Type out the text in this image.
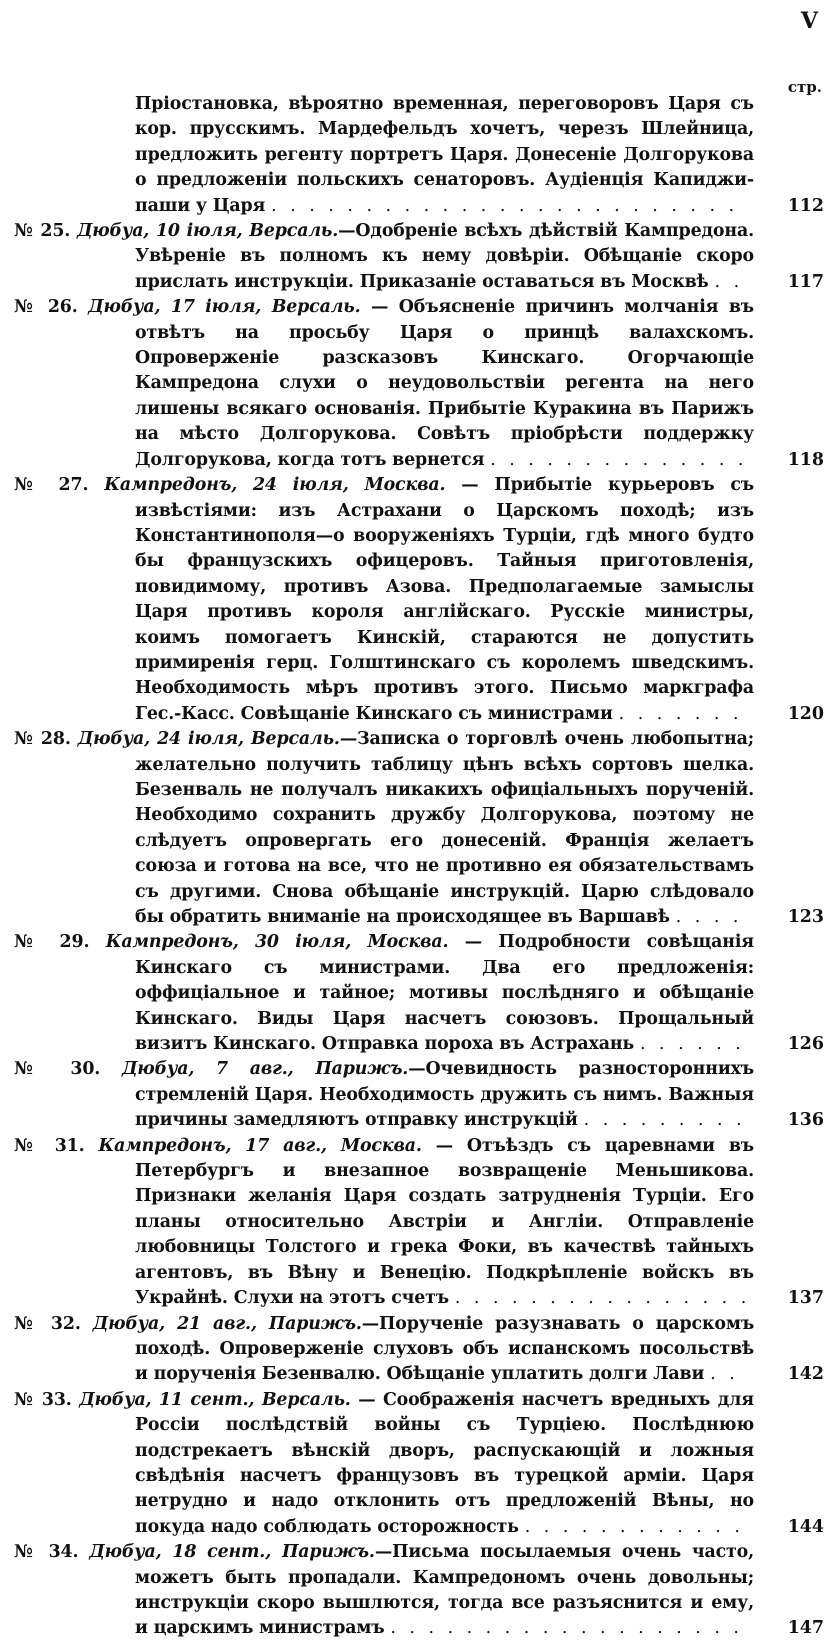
V
стр.
Пріостановка, вѣроятно временная, переговоровъ Царя съ кор. прусскимъ. Мардефельдъ хочетъ, черезъ Шлейница, предложить регенту портретъ Царя. Донесеніе Долгорукова о предложеніи польскихъ сенаторовъ. Аудіенція Капиджи-паши у Царя . . . . . . . . . . . . . . . . . . . . . . . . .	112
№ 25. Дюбуа, 10 іюля, Версаль.—Одобреніе всѣхъ дѣйствій Кампредона. Увѣреніе въ полномъ къ нему довѣріи. Обѣщаніе скоро прислать инструкціи. Приказаніе оставаться въ Москвѣ . .	117
№ 26. Дюбуа, 17 іюля, Версаль. — Объясненіе причинъ молчанія въ отвѣтъ на просьбу Царя о принцѣ валахскомъ. Опроверженіе разсказовъ Кинскаго. Огорчающіе Кампредона слухи о неудовольствіи регента на него лишены всякаго основанія. Прибытіе Куракина въ Парижъ на мѣсто Долгорукова. Совѣтъ пріобрѣсти поддержку Долгорукова, когда тотъ вернется . . . . . . . . . . . . . .	118
№ 27. Кампредонъ, 24 іюля, Москва. — Прибытіе курьеровъ съ извѣстіями: изъ Астрахани о Царскомъ походѣ; изъ Константинополя—о вооруженіяхъ Турціи, гдѣ много будто бы французскихъ офицеровъ. Тайныя приготовленія, повидимому, противъ Азова. Предполагаемые замыслы Царя противъ короля англійскаго. Русскіе министры, коимъ помогаетъ Кинскій, стараются не допустить примиренія герц. Голштинскаго съ королемъ шведскимъ. Необходимость мѣръ противъ этого. Письмо маркграфа Гес.-Касс. Совѣщаніе Кинскаго съ министрами . . . . . . .	120
№ 28. Дюбуа, 24 іюля, Версаль.—Записка о торговлѣ очень любопытна; желательно получить таблицу цѣнъ всѣхъ сортовъ шелка. Безенваль не получалъ никакихъ офиціальныхъ порученій. Необходимо сохранить дружбу Долгорукова, поэтому не слѣдуетъ опровергать его донесеній. Франція желаетъ союза и готова на все, что не противно ея обязательствамъ съ другими. Снова обѣщаніе инструкцій. Царю слѣдовало бы обратить вниманіе на происходящее въ Варшавѣ . . . .	123
№ 29. Кампредонъ, 30 іюля, Москва. — Подробности совѣщанія Кинскаго съ министрами. Два его предложенія: оффиціальное и тайное; мотивы послѣдняго и обѣщаніе Кинскаго. Виды Царя насчетъ союзовъ. Прощальный визитъ Кинскаго. Отправка пороха въ Астрахань . . . . . .	126
№ 30. Дюбуа, 7 авг., Парижъ.—Очевидность разностороннихъ стремленій Царя. Необходимость дружить съ нимъ. Важныя причины замедляютъ отправку инструкцій . . . . . . . . .	136
№ 31. Кампредонъ, 17 авг., Москва. — Отъѣздъ съ царевнами въ Петербургъ и внезапное возвращеніе Меньшикова. Признаки желанія Царя создать затрудненія Турціи. Его планы относительно Австріи и Англіи. Отправленіе любовницы Толстого и грека Фоки, въ качествѣ тайныхъ агентовъ, въ Вѣну и Венецію. Подкрѣпленіе войскъ въ Украйнѣ. Слухи на этотъ счетъ . . . . . . . . . . . . . . . .	137
№ 32. Дюбуа, 21 авг., Парижъ.—Порученіе разузнавать о царскомъ походѣ. Опроверженіе слуховъ объ испанскомъ посольствѣ и порученія Безенвалю. Обѣщаніе уплатить долги Лави . .	142
№ 33. Дюбуа, 11 сент., Версаль. — Соображенія насчетъ вредныхъ для Россіи послѣдствій войны съ Турціею. Послѣднюю подстрекаетъ вѣнскій дворъ, распускающій и ложныя свѣдѣнія насчетъ французовъ въ турецкой арміи. Царя нетрудно и надо отклонить отъ предложеній Вѣны, но покуда надо соблюдать осторожность . . . . . . . . . . . .	144
№ 34. Дюбуа, 18 сент., Парижъ.—Письма посылаемыя очень часто, можетъ быть пропадали. Кампредономъ очень довольны; инструкціи скоро вышлются, тогда все разъяснится и ему, и царскимъ министрамъ . . . . . . . . . . . . . . . . . . .	147
